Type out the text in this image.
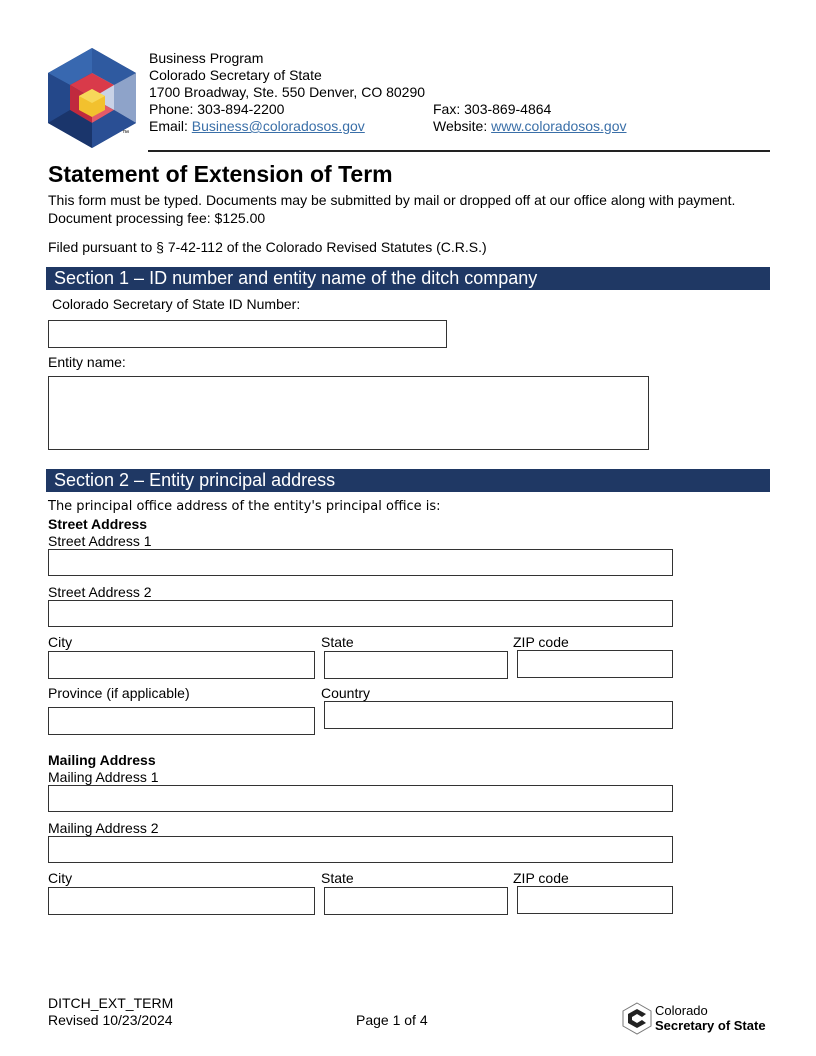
™
Business Program
Colorado Secretary of State
1700 Broadway, Ste. 550 Denver, CO 80290
Phone: 303-894-2200	Fax: 303-869-4864
Email: Business@coloradosos.gov	Website: www.coloradosos.gov
Statement of Extension of Term
This form must be typed. Documents may be submitted by mail or dropped off at our office along with payment. Document processing fee: $125.00
Filed pursuant to § 7-42-112 of the Colorado Revised Statutes (C.R.S.)
Section 1 – ID number and entity name of the ditch company
Colorado Secretary of State ID Number:
Entity name:
Section 2 – Entity principal address
The principal office address of the entity's principal office is:
Street Address
Street Address 1
Street Address 2
City	State	ZIP code
Province (if applicable)	Country
Mailing Address
Mailing Address 1
Mailing Address 2
City	State	ZIP code
DITCH_EXT_TERM
Revised 10/23/2024	Page 1 of 4
Colorado
Secretary of State
